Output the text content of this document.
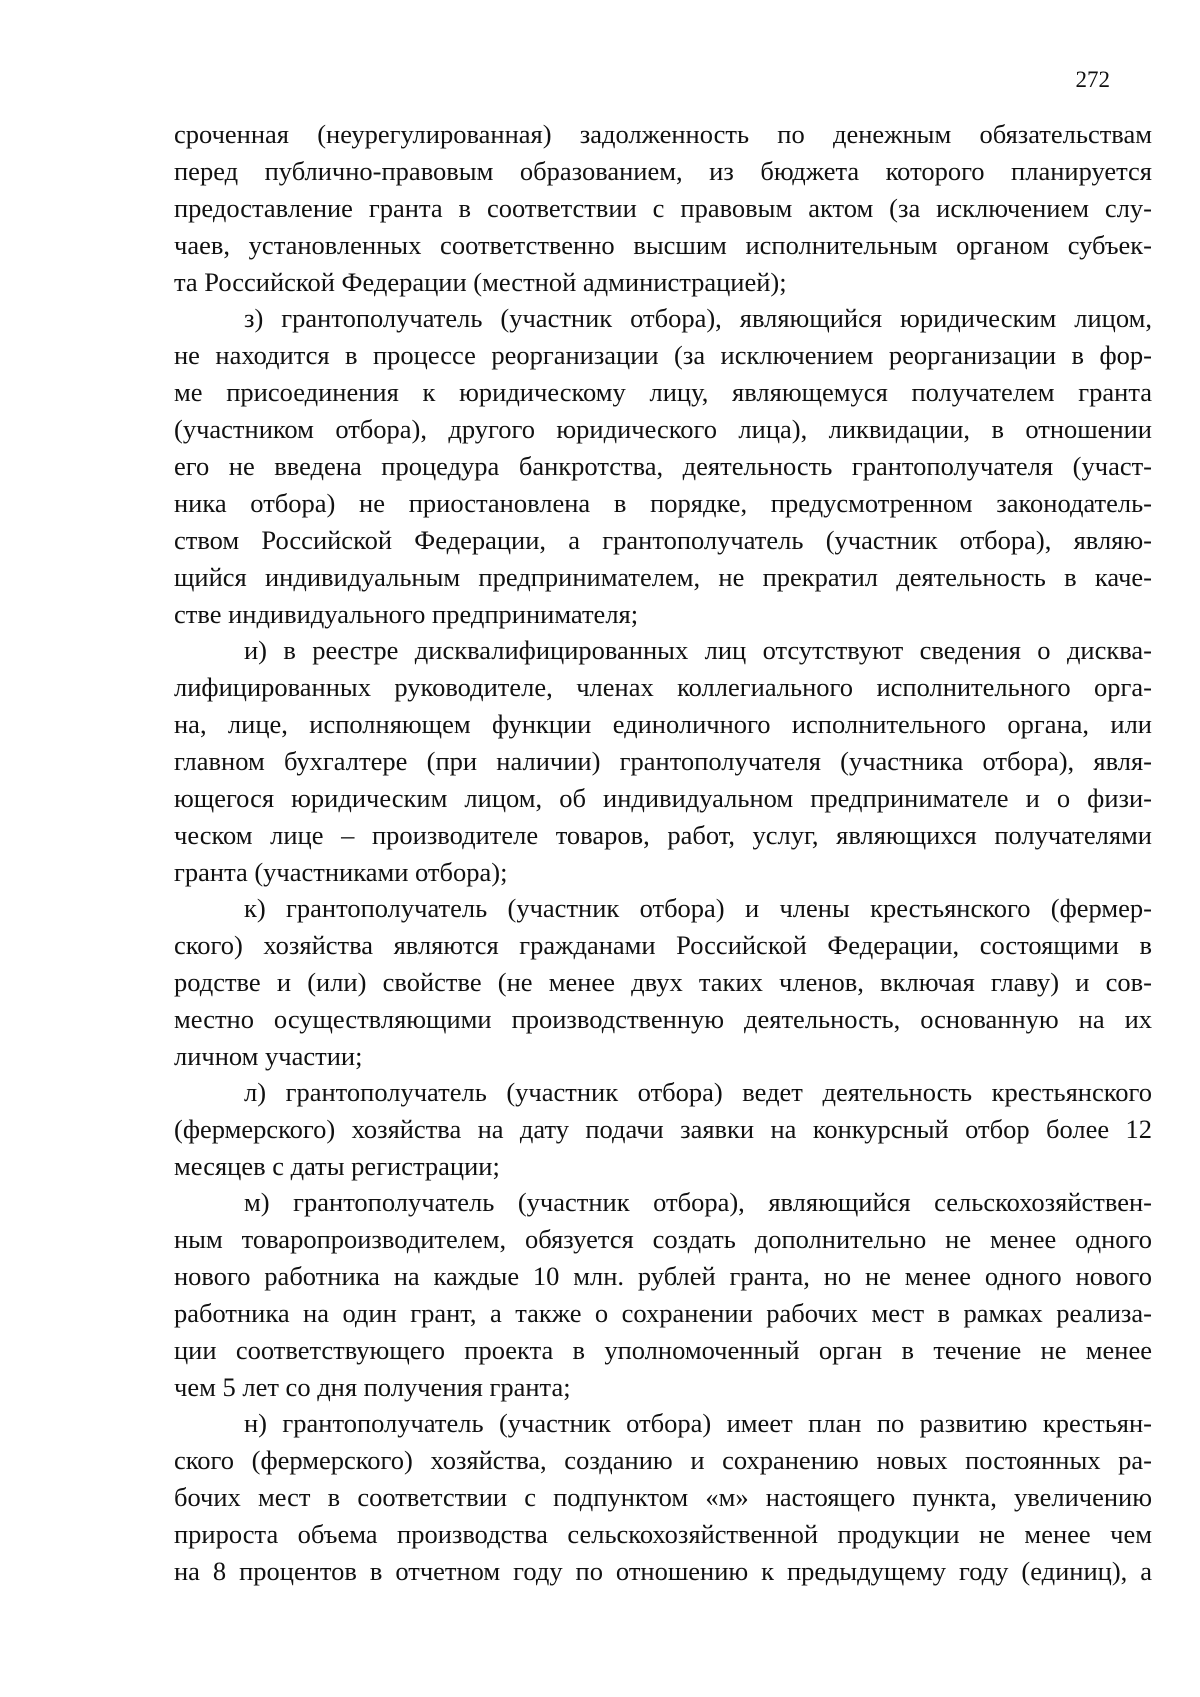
272
сроченная (неурегулированная) задолженность по денежным обязательствам
перед публично-правовым образованием, из бюджета которого планируется
предоставление гранта в соответствии с правовым актом (за исключением слу-
чаев, установленных соответственно высшим исполнительным органом субъек-
та Российской Федерации (местной администрацией);
з) грантополучатель (участник отбора), являющийся юридическим лицом,
не находится в процессе реорганизации (за исключением реорганизации в фор-
ме присоединения к юридическому лицу, являющемуся получателем гранта
(участником отбора), другого юридического лица), ликвидации, в отношении
его не введена процедура банкротства, деятельность грантополучателя (участ-
ника отбора) не приостановлена в порядке, предусмотренном законодатель-
ством Российской Федерации, а грантополучатель (участник отбора), являю-
щийся индивидуальным предпринимателем, не прекратил деятельность в каче-
стве индивидуального предпринимателя;
и) в реестре дисквалифицированных лиц отсутствуют сведения о дисква-
лифицированных руководителе, членах коллегиального исполнительного орга-
на, лице, исполняющем функции единоличного исполнительного органа, или
главном бухгалтере (при наличии) грантополучателя (участника отбора), явля-
ющегося юридическим лицом, об индивидуальном предпринимателе и о физи-
ческом лице – производителе товаров, работ, услуг, являющихся получателями
гранта (участниками отбора);
к) грантополучатель (участник отбора) и члены крестьянского (фермер-
ского) хозяйства являются гражданами Российской Федерации, состоящими в
родстве и (или) свойстве (не менее двух таких членов, включая главу) и сов-
местно осуществляющими производственную деятельность, основанную на их
личном участии;
л) грантополучатель (участник отбора) ведет деятельность крестьянского
(фермерского) хозяйства на дату подачи заявки на конкурсный отбор более 12
месяцев с даты регистрации;
м) грантополучатель (участник отбора), являющийся сельскохозяйствен-
ным товаропроизводителем, обязуется создать дополнительно не менее одного
нового работника на каждые 10 млн. рублей гранта, но не менее одного нового
работника на один грант, а также о сохранении рабочих мест в рамках реализа-
ции соответствующего проекта в уполномоченный орган в течение не менее
чем 5 лет со дня получения гранта;
н) грантополучатель (участник отбора) имеет план по развитию крестьян-
ского (фермерского) хозяйства, созданию и сохранению новых постоянных ра-
бочих мест в соответствии с подпунктом «м» настоящего пункта, увеличению
прироста объема производства сельскохозяйственной продукции не менее чем
на 8 процентов в отчетном году по отношению к предыдущему году (единиц), а
